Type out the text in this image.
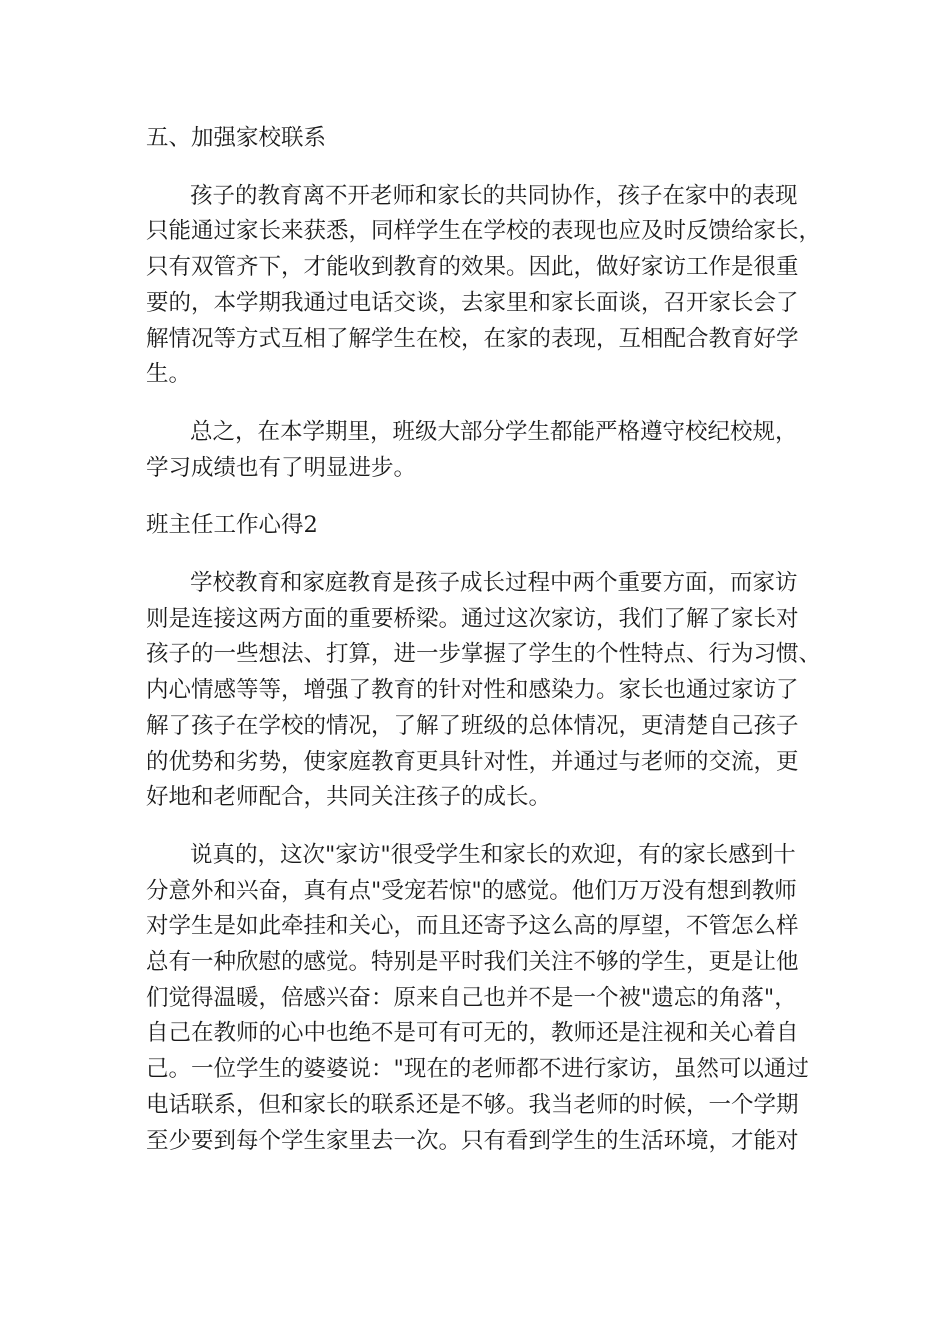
五、加强家校联系
孩子的教育离不开老师和家长的共同协作，孩子在家中的表现
只能通过家长来获悉，同样学生在学校的表现也应及时反馈给家长，
只有双管齐下，才能收到教育的效果。因此，做好家访工作是很重
要的，本学期我通过电话交谈，去家里和家长面谈，召开家长会了
解情况等方式互相了解学生在校，在家的表现，互相配合教育好学
生。
总之，在本学期里，班级大部分学生都能严格遵守校纪校规，
学习成绩也有了明显进步。
班主任工作心得2
学校教育和家庭教育是孩子成长过程中两个重要方面，而家访
则是连接这两方面的重要桥梁。通过这次家访，我们了解了家长对
孩子的一些想法、打算，进一步掌握了学生的个性特点、行为习惯、
内心情感等等，增强了教育的针对性和感染力。家长也通过家访了
解了孩子在学校的情况，了解了班级的总体情况，更清楚自己孩子
的优势和劣势，使家庭教育更具针对性，并通过与老师的交流，更
好地和老师配合，共同关注孩子的成长。
说真的，这次"家访"很受学生和家长的欢迎，有的家长感到十
分意外和兴奋，真有点"受宠若惊"的感觉。他们万万没有想到教师
对学生是如此牵挂和关心，而且还寄予这么高的厚望，不管怎么样
总有一种欣慰的感觉。特别是平时我们关注不够的学生，更是让他
们觉得温暖，倍感兴奋：原来自己也并不是一个被"遗忘的角落"，
自己在教师的心中也绝不是可有可无的，教师还是注视和关心着自
己。一位学生的婆婆说："现在的老师都不进行家访，虽然可以通过
电话联系，但和家长的联系还是不够。我当老师的时候，一个学期
至少要到每个学生家里去一次。只有看到学生的生活环境，才能对
